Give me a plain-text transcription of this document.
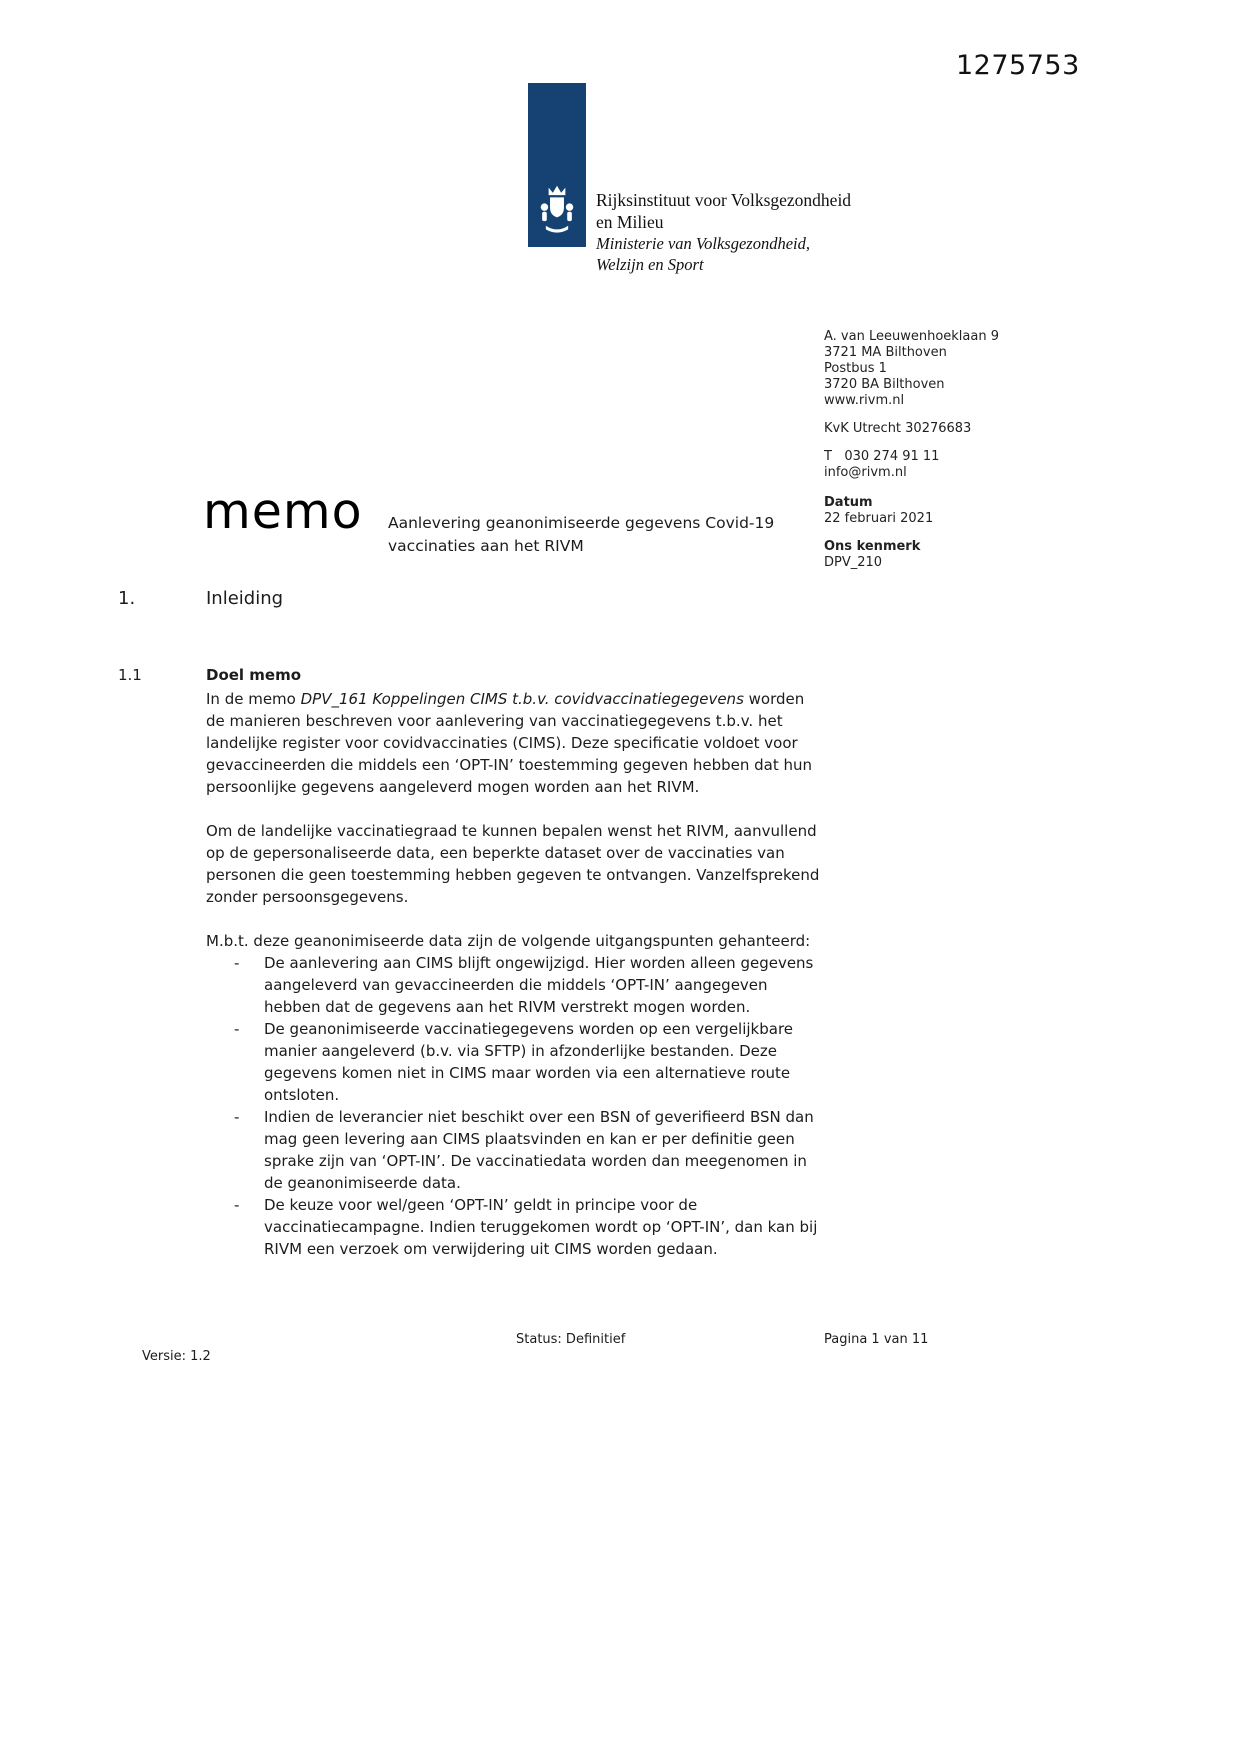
1275753
Rijksinstituut voor Volksgezondheid
en Milieu
Ministerie van Volksgezondheid,
Welzijn en Sport
A. van Leeuwenhoeklaan 9
3721 MA Bilthoven
Postbus 1
3720 BA Bilthoven
www.rivm.nl
KvK Utrecht 30276683
T   030 274 91 11
info@rivm.nl
Datum
22 februari 2021
Ons kenmerk
DPV_210
memo Aanlevering geanonimiseerde gegevens Covid-19 vaccinaties aan het RIVM
1.	Inleiding
1.1	Doel memo

In de memo DPV_161 Koppelingen CIMS t.b.v. covidvaccinatiegegevens worden de manieren beschreven voor aanlevering van vaccinatiegegevens t.b.v. het landelijke register voor covidvaccinaties (CIMS). Deze specificatie voldoet voor gevaccineerden die middels een ‘OPT-IN’ toestemming gegeven hebben dat hun persoonlijke gegevens aangeleverd mogen worden aan het RIVM.

Om de landelijke vaccinatiegraad te kunnen bepalen wenst het RIVM, aanvullend op de gepersonaliseerde data, een beperkte dataset over de vaccinaties van personen die geen toestemming hebben gegeven te ontvangen. Vanzelfsprekend zonder persoonsgegevens.

M.b.t. deze geanonimiseerde data zijn de volgende uitgangspunten gehanteerd:

- De aanlevering aan CIMS blijft ongewijzigd. Hier worden alleen gegevens aangeleverd van gevaccineerden die middels ‘OPT-IN’ aangegeven hebben dat de gegevens aan het RIVM verstrekt mogen worden.
- De geanonimiseerde vaccinatiegegevens worden op een vergelijkbare manier aangeleverd (b.v. via SFTP) in afzonderlijke bestanden. Deze gegevens komen niet in CIMS maar worden via een alternatieve route ontsloten.
- Indien de leverancier niet beschikt over een BSN of geverifieerd BSN dan mag geen levering aan CIMS plaatsvinden en kan er per definitie geen sprake zijn van ‘OPT-IN’. De vaccinatiedata worden dan meegenomen in de geanonimiseerde data.
- De keuze voor wel/geen ‘OPT-IN’ geldt in principe voor de vaccinatiecampagne. Indien teruggekomen wordt op ‘OPT-IN’, dan kan bij RIVM een verzoek om verwijdering uit CIMS worden gedaan.
Status: Definitief	Pagina 1 van 11
Versie: 1.2
